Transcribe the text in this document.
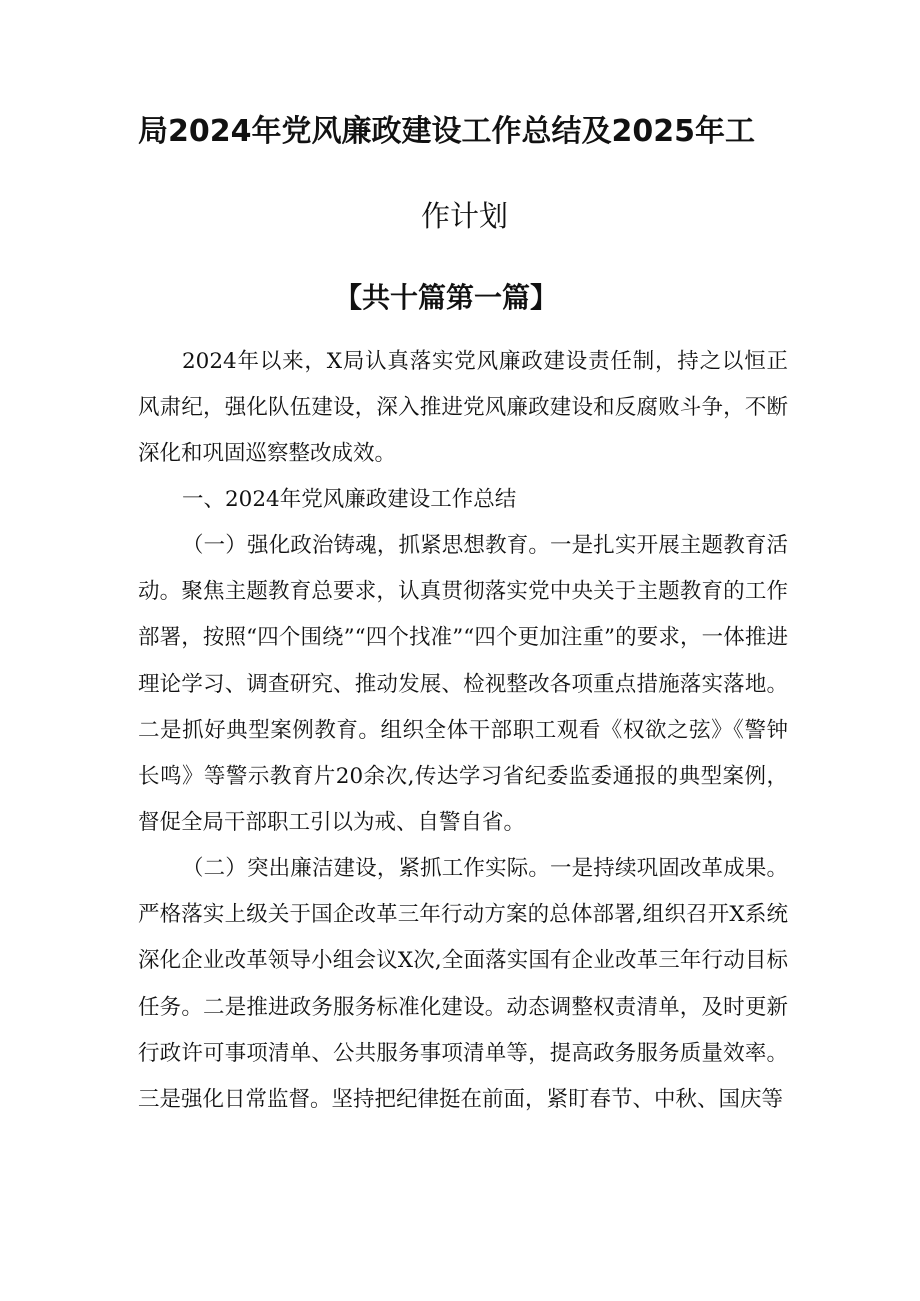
局2024年党风廉政建设工作总结及2025年工
作计划
【共十篇第一篇】
2024年以来，X局认真落实党风廉政建设责任制，持之以恒正风肃纪，强化队伍建设，深入推进党风廉政建设和反腐败斗争，不断深化和巩固巡察整改成效。
一、2024年党风廉政建设工作总结
（一）强化政治铸魂，抓紧思想教育。一是扎实开展主题教育活动。聚焦主题教育总要求，认真贯彻落实党中央关于主题教育的工作部署，按照“四个围绕”“四个找准”“四个更加注重”的要求，一体推进理论学习、调查研究、推动发展、检视整改各项重点措施落实落地。二是抓好典型案例教育。组织全体干部职工观看《权欲之弦》《警钟长鸣》等警示教育片20余次,传达学习省纪委监委通报的典型案例，督促全局干部职工引以为戒、自警自省。
（二）突出廉洁建设，紧抓工作实际。一是持续巩固改革成果。严格落实上级关于国企改革三年行动方案的总体部署,组织召开X系统深化企业改革领导小组会议X次,全面落实国有企业改革三年行动目标任务。二是推进政务服务标准化建设。动态调整权责清单，及时更新行政许可事项清单、公共服务事项清单等，提高政务服务质量效率。三是强化日常监督。坚持把纪律挺在前面，紧盯春节、中秋、国庆等
